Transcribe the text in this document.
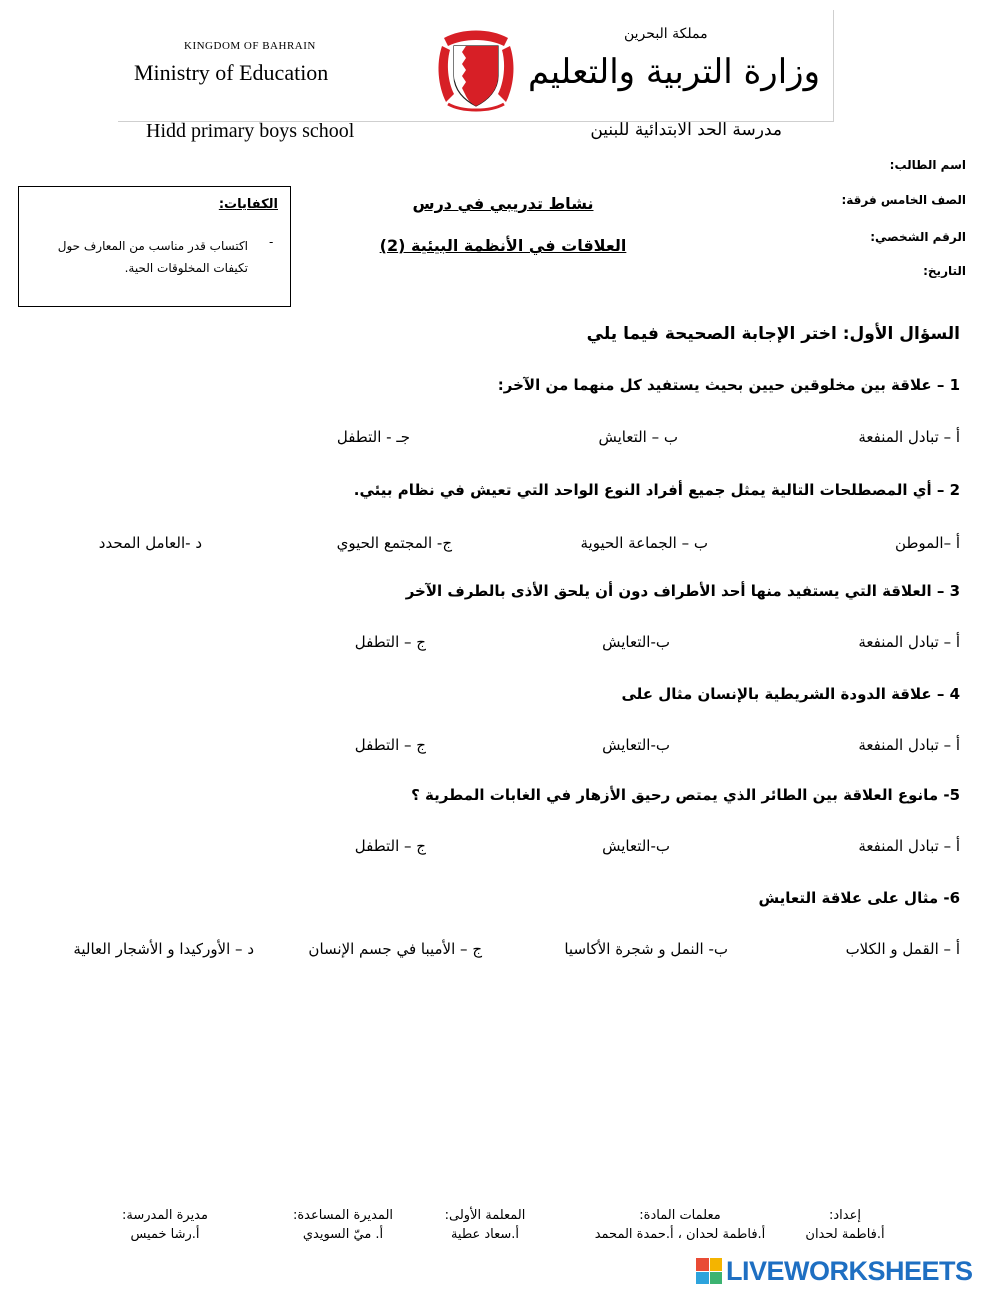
KINGDOM OF BAHRAIN
Ministry of Education
مملكة البحرين
وزارة التربية والتعليم
Hidd primary boys school	مدرسة الحد الابتدائية للبنين
اسم الطالب:
الصف الخامس فرقة:
الرقم الشخصي:
التاريخ:
الكفايات:
-
اكتساب قدر مناسب من المعارف حول تكيفات المخلوقات الحية.
نشاط تدريبي في درس
العلاقات في الأنظمة البيئية (2)
السؤال الأول: اختر الإجابة الصحيحة فيما يلي
1 – علاقة بين مخلوقين حيين بحيث يستفيد كل منهما من الآخر:
أ – تبادل المنفعة
ب – التعايش
جـ - التطفل
2 – أي المصطلحات التالية يمثل جميع أفراد النوع الواحد التي تعيش في نظام بيئي.
أ –الموطن
ب – الجماعة الحيوية
ج- المجتمع الحيوي
د -العامل المحدد
3 – العلاقة التي يستفيد منها أحد الأطراف دون أن يلحق الأذى بالطرف الآخر
أ – تبادل المنفعة
ب-التعايش
ج – التطفل
4 – علاقة الدودة الشريطية بالإنسان مثال على
أ – تبادل المنفعة
ب-التعايش
ج – التطفل
5- مانوع العلاقة بين الطائر الذي يمتص رحيق الأزهار في الغابات المطرية ؟
أ – تبادل المنفعة
ب-التعايش
ج – التطفل
6- مثال على علاقة التعايش
أ – القمل و الكلاب
ب- النمل و شجرة الأكاسيا
ج – الأميبا في جسم الإنسان
د – الأوركيدا و الأشجار العالية
إعداد:
أ.فاطمة لحدان
معلمات المادة:
أ.فاطمة لحدان ، أ.حمدة المحمد
المعلمة الأولى:
أ.سعاد عطية
المديرة المساعدة:
أ. ميّ السويدي
مديرة المدرسة:
أ.رشا خميس
LIVEWORKSHEETS
